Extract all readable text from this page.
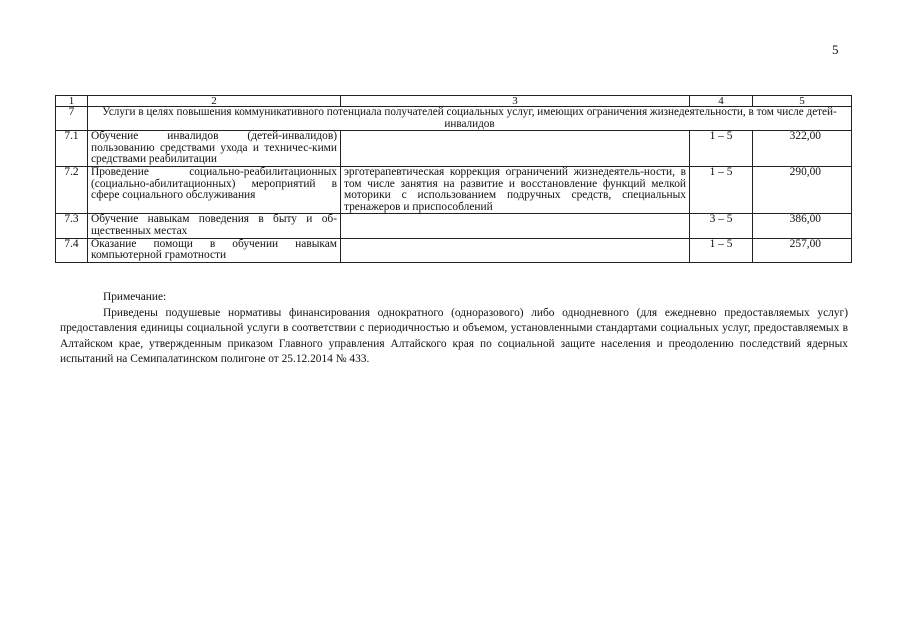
5
1	2	3	4	5
7	Услуги в целях повышения коммуникативного потенциала получателей социальных услуг, имеющих ограничения жизнедеятельности, в том числе детей-инвалидов			
7.1	Обучение инвалидов (детей-инвалидов) пользованию средствами ухода и техничес-кими средствами реабилитации		1 – 5	322,00
7.2	Проведение социально-реабилитационных (социально-абилитационных) мероприятий в сфере социального обслуживания	эрготерапевтическая коррекция ограничений жизнедеятель-ности, в том числе занятия на развитие и восстановление функций мелкой моторики с использованием подручных средств, специальных тренажеров и приспособлений	1 – 5	290,00
7.3	Обучение навыкам поведения в быту и об-щественных местах		3 – 5	386,00
7.4	Оказание помощи в обучении навыкам компьютерной грамотности		1 – 5	257,00
Примечание:
Приведены подушевые нормативы финансирования однократного (одноразового) либо однодневного (для ежедневно предоставляемых услуг) предоставления единицы социальной услуги в соответствии с периодичностью и объемом, установленными стандартами социальных услуг, предоставляемых в Алтайском крае, утвержденным приказом Главного управления Алтайского края по социальной защите населения и преодолению последствий ядерных испытаний на Семипалатинском полигоне от 25.12.2014 № 433.
